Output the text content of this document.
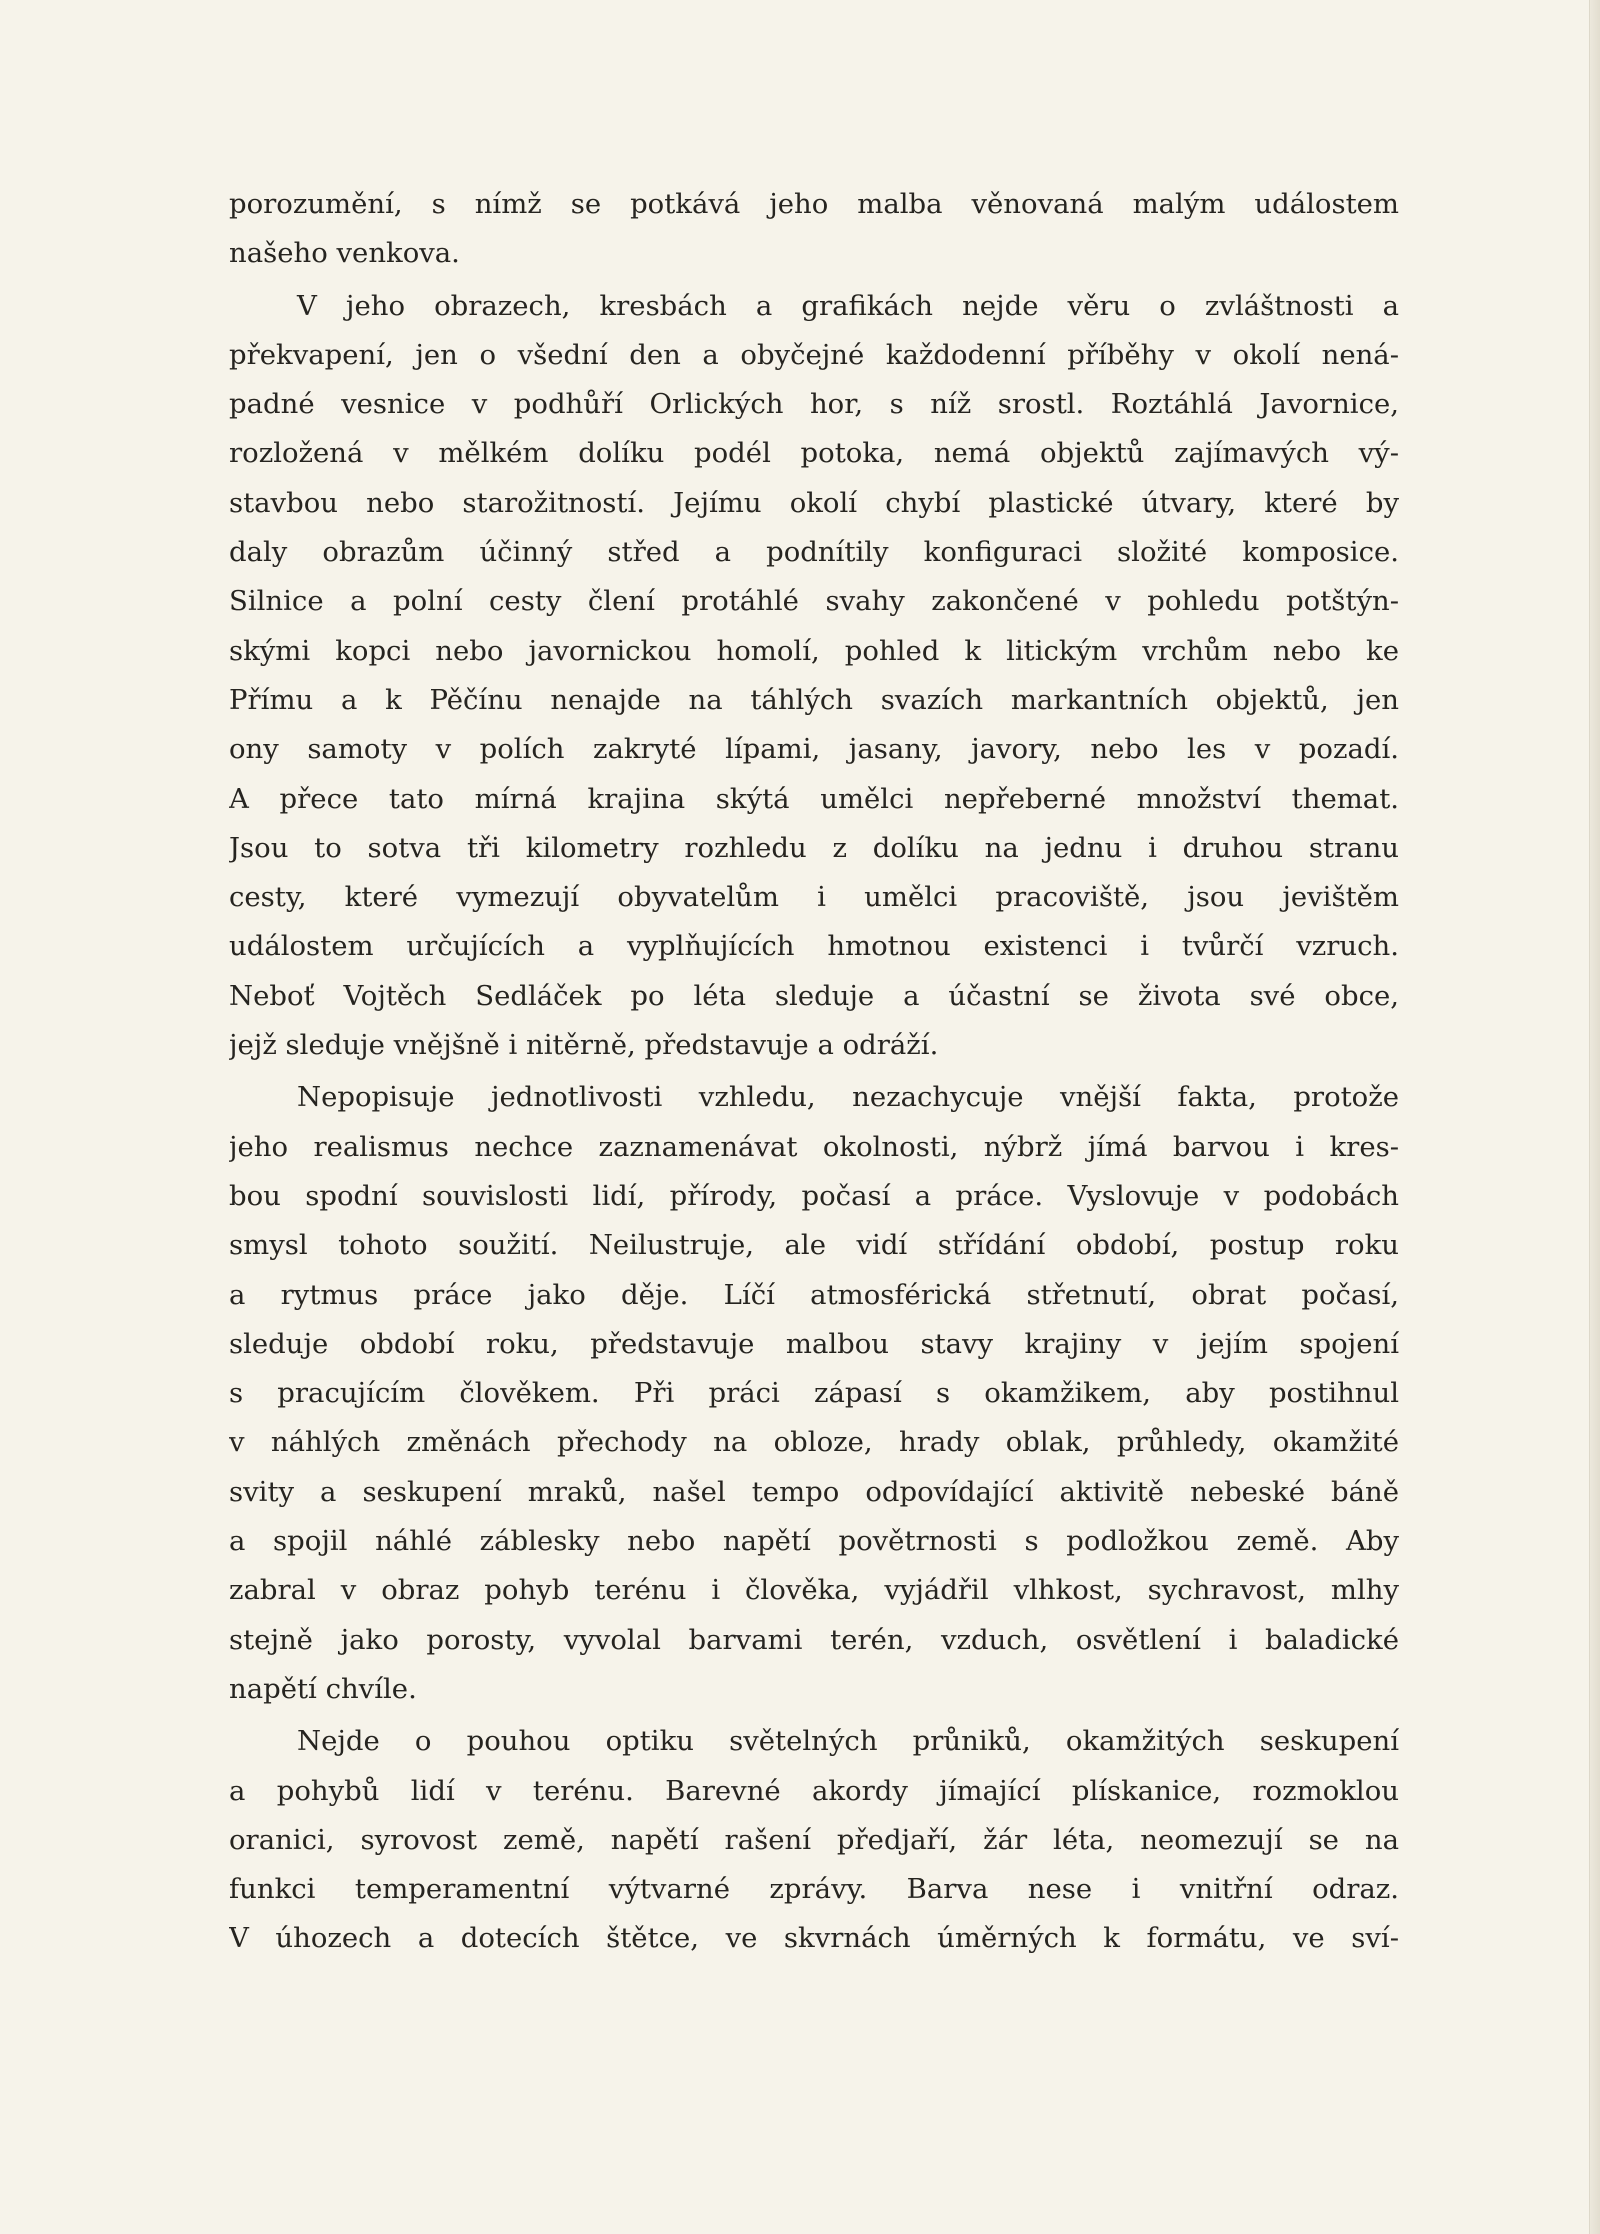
porozumění, s nímž se potkává jeho malba věnovaná malým událostem
našeho venkova.
V jeho obrazech, kresbách a grafikách nejde věru o zvláštnosti a
překvapení, jen o všední den a obyčejné každodenní příběhy v okolí nená-
padné vesnice v podhůří Orlických hor, s níž srostl. Roztáhlá Javornice,
rozložená v mělkém dolíku podél potoka, nemá objektů zajímavých vý-
stavbou nebo starožitností. Jejímu okolí chybí plastické útvary, které by
daly obrazům účinný střed a podnítily konfiguraci složité komposice.
Silnice a polní cesty člení protáhlé svahy zakončené v pohledu potštýn-
skými kopci nebo javornickou homolí, pohled k litickým vrchům nebo ke
Přímu a k Pěčínu nenajde na táhlých svazích markantních objektů, jen
ony samoty v polích zakryté lípami, jasany, javory, nebo les v pozadí.
A přece tato mírná krajina skýtá umělci nepřeberné množství themat.
Jsou to sotva tři kilometry rozhledu z dolíku na jednu i druhou stranu
cesty, které vymezují obyvatelům i umělci pracoviště, jsou jevištěm
událostem určujících a vyplňujících hmotnou existenci i tvůrčí vzruch.
Neboť Vojtěch Sedláček po léta sleduje a účastní se života své obce,
jejž sleduje vnějšně i nitěrně, představuje a odráží.
Nepopisuje jednotlivosti vzhledu, nezachycuje vnější fakta, protože
jeho realismus nechce zaznamenávat okolnosti, nýbrž jímá barvou i kres-
bou spodní souvislosti lidí, přírody, počasí a práce. Vyslovuje v podobách
smysl tohoto soužití. Neilustruje, ale vidí střídání období, postup roku
a rytmus práce jako děje. Líčí atmosférická střetnutí, obrat počasí,
sleduje období roku, představuje malbou stavy krajiny v jejím spojení
s pracujícím člověkem. Při práci zápasí s okamžikem, aby postihnul
v náhlých změnách přechody na obloze, hrady oblak, průhledy, okamžité
svity a seskupení mraků, našel tempo odpovídající aktivitě nebeské báně
a spojil náhlé záblesky nebo napětí povětrnosti s podložkou země. Aby
zabral v obraz pohyb terénu i člověka, vyjádřil vlhkost, sychravost, mlhy
stejně jako porosty, vyvolal barvami terén, vzduch, osvětlení i baladické
napětí chvíle.
Nejde o pouhou optiku světelných průniků, okamžitých seskupení
a pohybů lidí v terénu. Barevné akordy jímající plískanice, rozmoklou
oranici, syrovost země, napětí rašení předjaří, žár léta, neomezují se na
funkci temperamentní výtvarné zprávy. Barva nese i vnitřní odraz.
V úhozech a dotecích štětce, ve skvrnách úměrných k formátu, ve sví-
